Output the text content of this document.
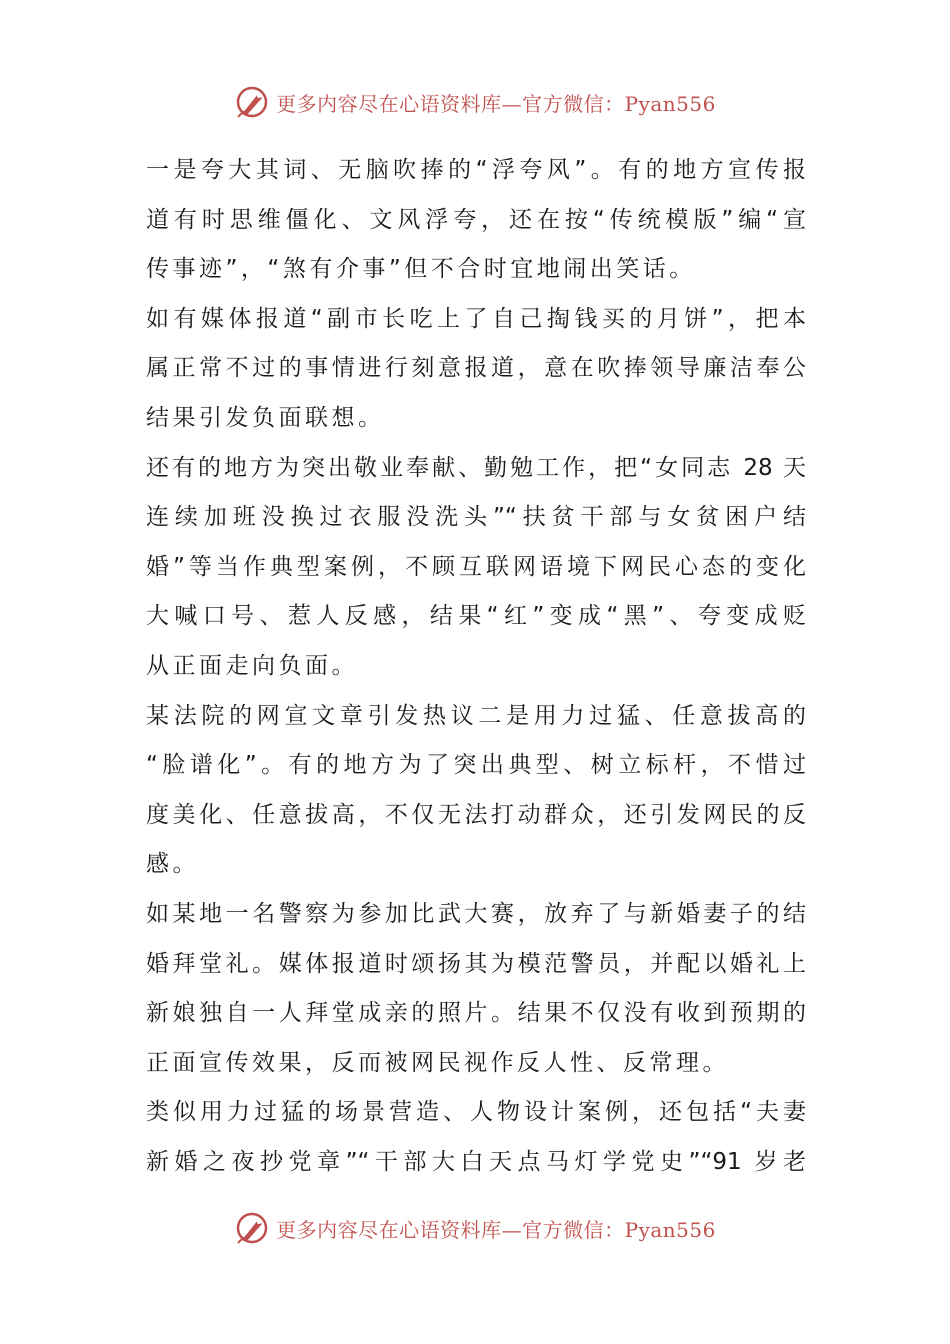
更多内容尽在心语资料库—官方微信：Pyan556
一是夸大其词、无脑吹捧的“浮夸风”。有的地方宣传报
道有时思维僵化、文风浮夸，还在按“传统模版”编“宣
传事迹”，“煞有介事”但不合时宜地闹出笑话。
如有媒体报道“副市长吃上了自己掏钱买的月饼”，把本
属正常不过的事情进行刻意报道，意在吹捧领导廉洁奉公
结果引发负面联想。
还有的地方为突出敬业奉献、勤勉工作，把“女同志 28 天
连续加班没换过衣服没洗头”“扶贫干部与女贫困户结
婚”等当作典型案例，不顾互联网语境下网民心态的变化
大喊口号、惹人反感，结果“红”变成“黑”、夸变成贬
从正面走向负面。
某法院的网宣文章引发热议二是用力过猛、任意拔高的
“脸谱化”。有的地方为了突出典型、树立标杆，不惜过
度美化、任意拔高，不仅无法打动群众，还引发网民的反
感。
如某地一名警察为参加比武大赛，放弃了与新婚妻子的结
婚拜堂礼。媒体报道时颂扬其为模范警员，并配以婚礼上
新娘独自一人拜堂成亲的照片。结果不仅没有收到预期的
正面宣传效果，反而被网民视作反人性、反常理。
类似用力过猛的场景营造、人物设计案例，还包括“夫妻
新婚之夜抄党章”“干部大白天点马灯学党史”“91 岁老
更多内容尽在心语资料库—官方微信：Pyan556
